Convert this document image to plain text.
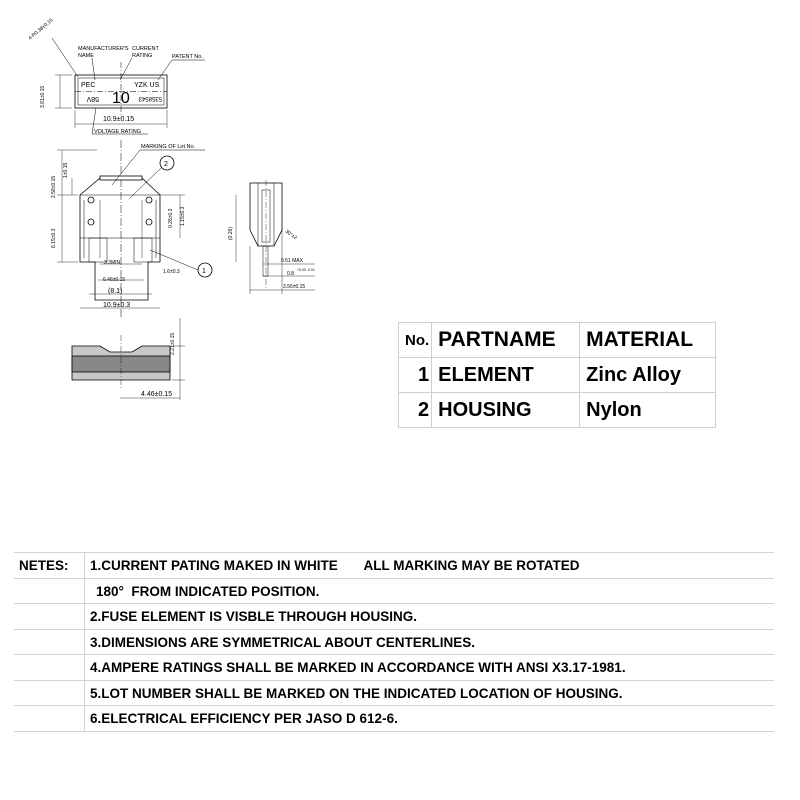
PEC
10
58V
YZK US
5358543
4-R0.38±0.15
MANUFACTURER'S
NAME
CURRENT
RATING	PATENT No.
3.81±0.15
10.9±0.15
VOLTAGE RATING
MARKING OF Lot No.
2
1
2.58±0.15
1±0.15
6.15±0.3
0.26±0.3 1.15±0.3
1.6±0.3
3.3MIN
6.46±0.15
(8.1)
10.9±0.3
(0.26)	30°±2
0.51 MAX
0.8
+0.09 -0.01
3.56±0.15
2.21±0.15
4.46±0.15
No.	PARTNAME	MATERIAL
1	ELEMENT	Zinc Alloy
2	HOUSING	Nylon
NETES: 1.CURRENT PATING MAKED IN WHITE       ALL MARKING MAY BE ROTATED
180°  FROM INDICATED POSITION.
2.FUSE ELEMENT IS VISBLE THROUGH HOUSING.
3.DIMENSIONS ARE SYMMETRICAL ABOUT CENTERLINES.
4.AMPERE RATINGS SHALL BE MARKED IN ACCORDANCE WITH ANSI X3.17-1981.
5.LOT NUMBER SHALL BE MARKED ON THE INDICATED LOCATION OF HOUSING.
6.ELECTRICAL EFFICIENCY PER JASO D 612-6.
